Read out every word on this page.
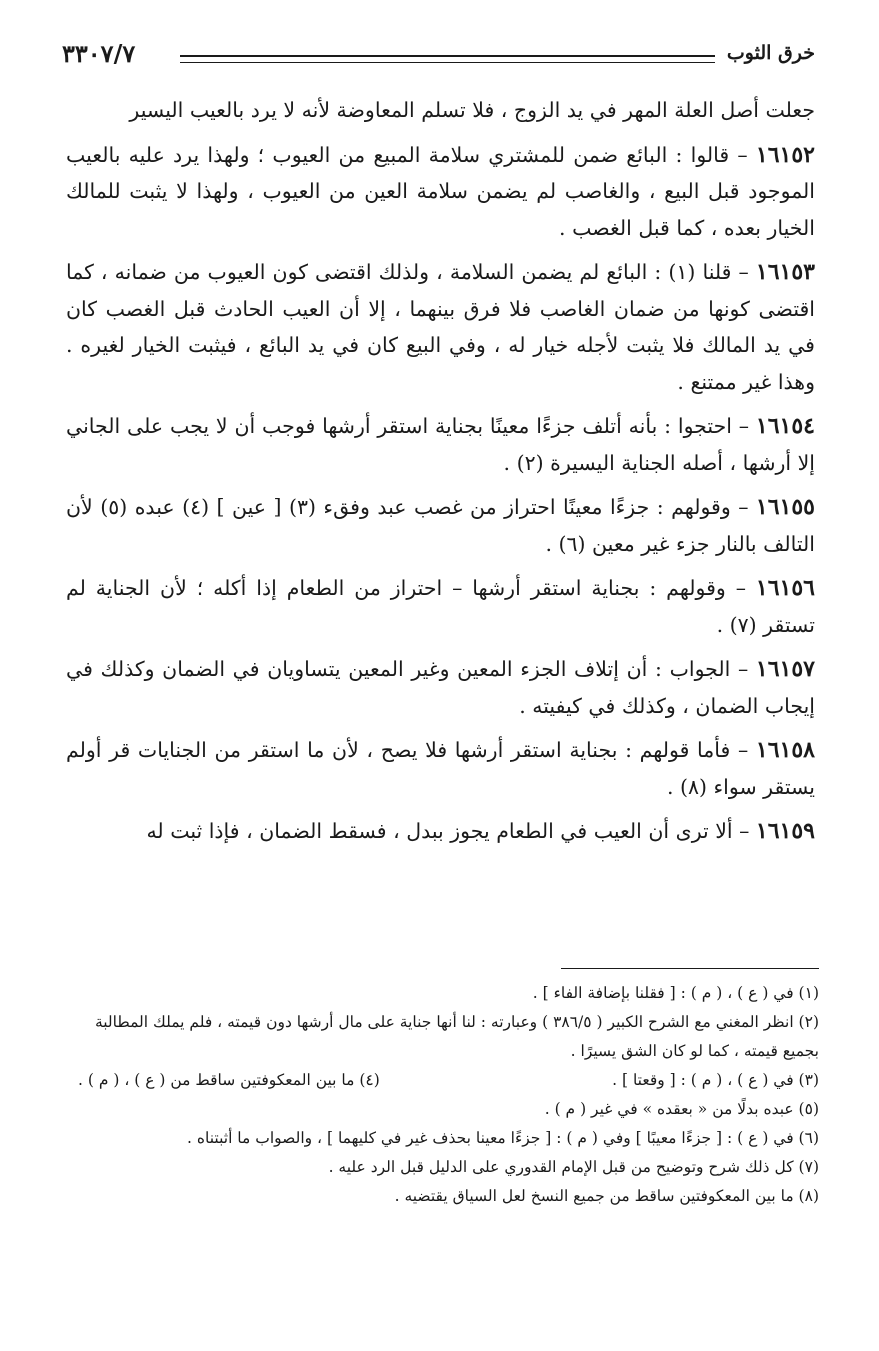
خرق الثوب
٣٣٠٧/٧

جعلت أصل العلة المهر في يد الزوج ، فلا تسلم المعاوضة لأنه لا يرد بالعيب اليسير

١٦١٥٢ – قالوا : البائع ضمن للمشتري سلامة المبيع من العيوب ؛ ولهذا يرد عليه بالعيب الموجود قبل البيع ، والغاصب لم يضمن سلامة العين من العيوب ، ولهذا لا يثبت للمالك الخيار بعده ، كما قبل الغصب .

١٦١٥٣ – قلنا (١) : البائع لم يضمن السلامة ، ولذلك اقتضى كون العيوب من ضمانه ، كما اقتضى كونها من ضمان الغاصب فلا فرق بينهما ، إلا أن العيب الحادث قبل الغصب كان في يد المالك فلا يثبت لأجله خيار له ، وفي البيع كان في يد البائع ، فيثبت الخيار لغيره . وهذا غير ممتنع .

١٦١٥٤ – احتجوا : بأنه أتلف جزءًا معينًا بجناية استقر أرشها فوجب أن لا يجب على الجاني إلا أرشها ، أصله الجناية اليسيرة (٢) .

١٦١٥٥ – وقولهم : جزءًا معينًا احتراز من غصب عبد وفقء (٣) [ عين ] (٤) عبده (٥) لأن التالف بالنار جزء غير معين (٦) .

١٦١٥٦ – وقولهم : بجناية استقر أرشها – احتراز من الطعام إذا أكله ؛ لأن الجناية لم تستقر (٧) .

١٦١٥٧ – الجواب : أن إتلاف الجزء المعين وغير المعين يتساويان في الضمان وكذلك في إيجاب الضمان ، وكذلك في كيفيته .

١٦١٥٨ – فأما قولهم : بجناية استقر أرشها فلا يصح ، لأن ما استقر من الجنايات قر أولم يستقر سواء (٨) .

١٦١٥٩ – ألا ترى أن العيب في الطعام يجوز ببدل ، فسقط الضمان ، فإذا ثبت له

(١) في ( ع ) ، ( م ) : [ فقلنا بإضافة الفاء ] .

(٢) انظر المغني مع الشرح الكبير ( ٣٨٦/٥ ) وعبارته : لنا أنها جناية على مال أرشها دون قيمته ، فلم يملك المطالبة بجميع قيمته ، كما لو كان الشق يسيرًا .

(٣) في ( ع ) ، ( م ) : [ وقعتا ] .

(٤) ما بين المعكوفتين ساقط من ( ع ) ، ( م ) .

(٥) عبده بدلًا من « بعقده » في غير ( م ) .

(٦) في ( ع ) : [ جزءًا معيبًا ] وفي ( م ) : [ جزءًا معينا بحذف غير في كليهما ] ، والصواب ما أثبتناه .

(٧) كل ذلك شرح وتوضيح من قبل الإمام القدوري على الدليل قبل الرد عليه .

(٨) ما بين المعكوفتين ساقط من جميع النسخ لعل السياق يقتضيه .
